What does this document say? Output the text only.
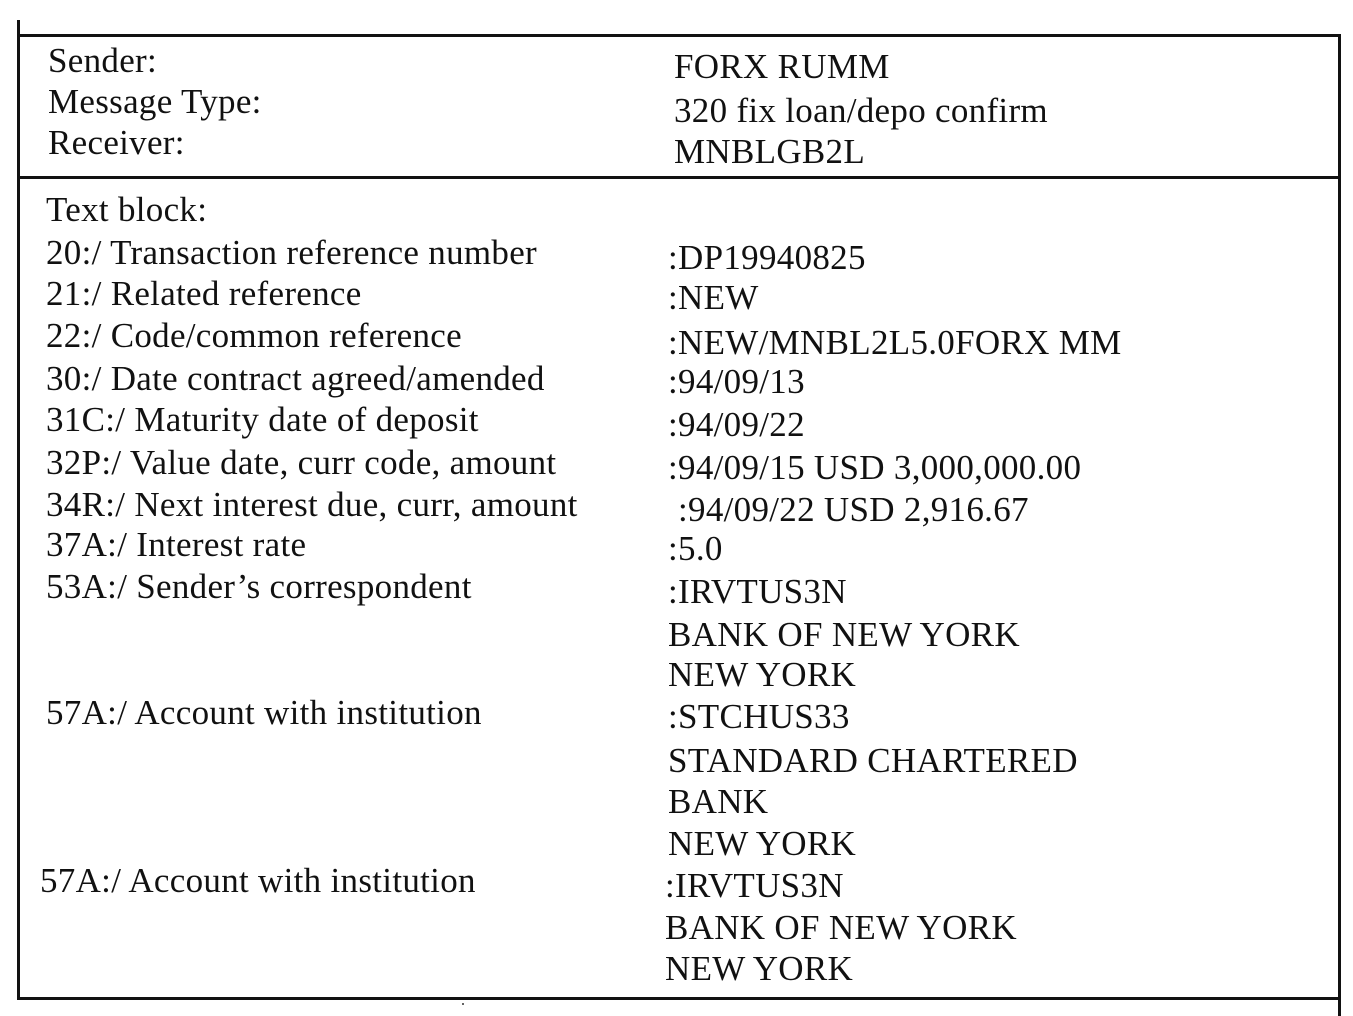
Sender:	FORX RUMM
Message Type:	320 fix loan/depo confirm
Receiver:	MNBLGB2L
Text block:
20:/ Transaction reference number	:DP19940825
21:/ Related reference	:NEW
22:/ Code/common reference	:NEW/MNBL2L5.0FORX MM
30:/ Date contract agreed/amended	:94/09/13
31C:/ Maturity date of deposit	:94/09/22
32P:/ Value date, curr code, amount	:94/09/15 USD 3,000,000.00
34R:/ Next interest due, curr, amount	:94/09/22 USD 2,916.67
37A:/ Interest rate	:5.0
53A:/ Sender’s correspondent	:IRVTUS3N
BANK OF NEW YORK
NEW YORK
57A:/ Account with institution	:STCHUS33
STANDARD CHARTERED
BANK
NEW YORK
57A:/ Account with institution	:IRVTUS3N
BANK OF NEW YORK
NEW YORK
